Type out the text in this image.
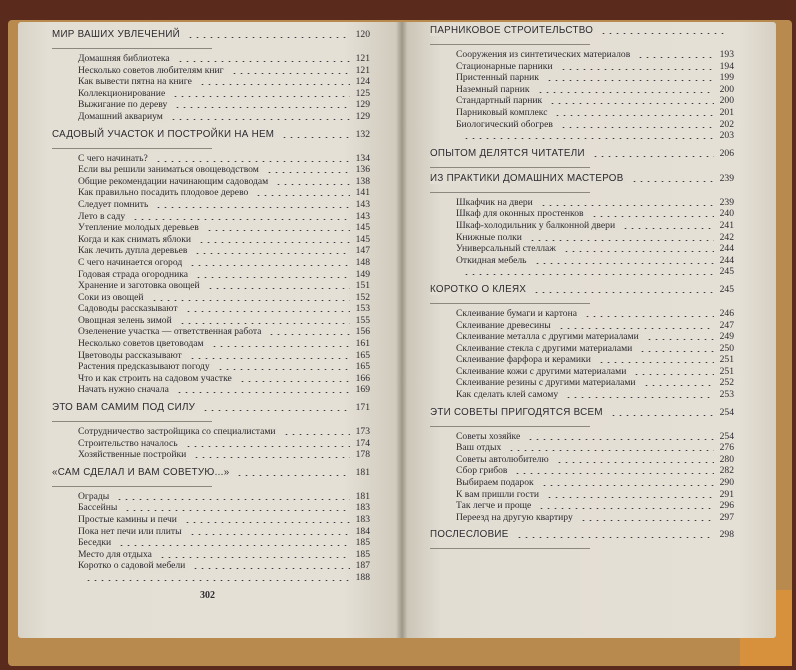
МИР ВАШИХ УВЛЕЧЕНИЙ	120
Домашняя библиотека	121
Несколько советов любителям книг	121
Как вывести пятна на книге	124
Коллекционирование	125
Выжигание по дереву	129
Домашний аквариум	129
САДОВЫЙ УЧАСТОК И ПОСТРОЙКИ НА НЕМ	132
С чего начинать?	134
Если вы решили заниматься овощеводством	136
Общие рекомендации начинающим садоводам	138
Как правильно посадить плодовое дерево	141
Следует помнить	143
Лето в саду	143
Утепление молодых деревьев	145
Когда и как снимать яблоки	145
Как лечить дупла деревьев	147
С чего начинается огород	148
Годовая страда огородника	149
Хранение и заготовка овощей	151
Соки из овощей	152
Садоводы рассказывают	153
Овощная зелень зимой	155
Озеленение участка — ответственная работа	156
Несколько советов цветоводам	161
Цветоводы рассказывают	165
Растения предсказывают погоду	165
Что и как строить на садовом участке	166
Начать нужно сначала	169
ЭТО ВАМ САМИМ ПОД СИЛУ	171
Сотрудничество застройщика со специалистами	173
Строительство началось	174
Хозяйственные постройки	178
«САМ СДЕЛАЛ И ВАМ СОВЕТУЮ...»	181
Ограды	181
Бассейны	183
Простые камины и печи	183
Пока нет печи или плиты	184
Беседки	185
Место для отдыха	185
Коротко о садовой мебели	187
188
ПАРНИКОВОЕ СТРОИТЕЛЬСТВО
Сооружения из синтетических материалов	193
Стационарные парники	194
Пристенный парник	199
Наземный парник	200
Стандартный парник	200
Парниковый комплекс	201
Биологический обогрев	202
203
ОПЫТОМ ДЕЛЯТСЯ ЧИТАТЕЛИ	206
ИЗ ПРАКТИКИ ДОМАШНИХ МАСТЕРОВ	239
Шкафчик на двери	239
Шкаф для оконных простенков	240
Шкаф-холодильник у балконной двери	241
Книжные полки	242
Универсальный стеллаж	244
Откидная мебель	244
245
КОРОТКО О КЛЕЯХ	245
Склеивание бумаги и картона	246
Склеивание древесины	247
Склеивание металла с другими материалами	249
Склеивание стекла с другими материалами	250
Склеивание фарфора и керамики	251
Склеивание кожи с другими материалами	251
Склеивание резины с другими материалами	252
Как сделать клей самому	253
ЭТИ СОВЕТЫ ПРИГОДЯТСЯ ВСЕМ	254
Советы хозяйке	254
Ваш отдых	276
Советы автолюбителю	280
Сбор грибов	282
Выбираем подарок	290
К вам пришли гости	291
Так легче и проще	296
Переезд на другую квартиру	297
ПОСЛЕСЛОВИЕ	298
302
